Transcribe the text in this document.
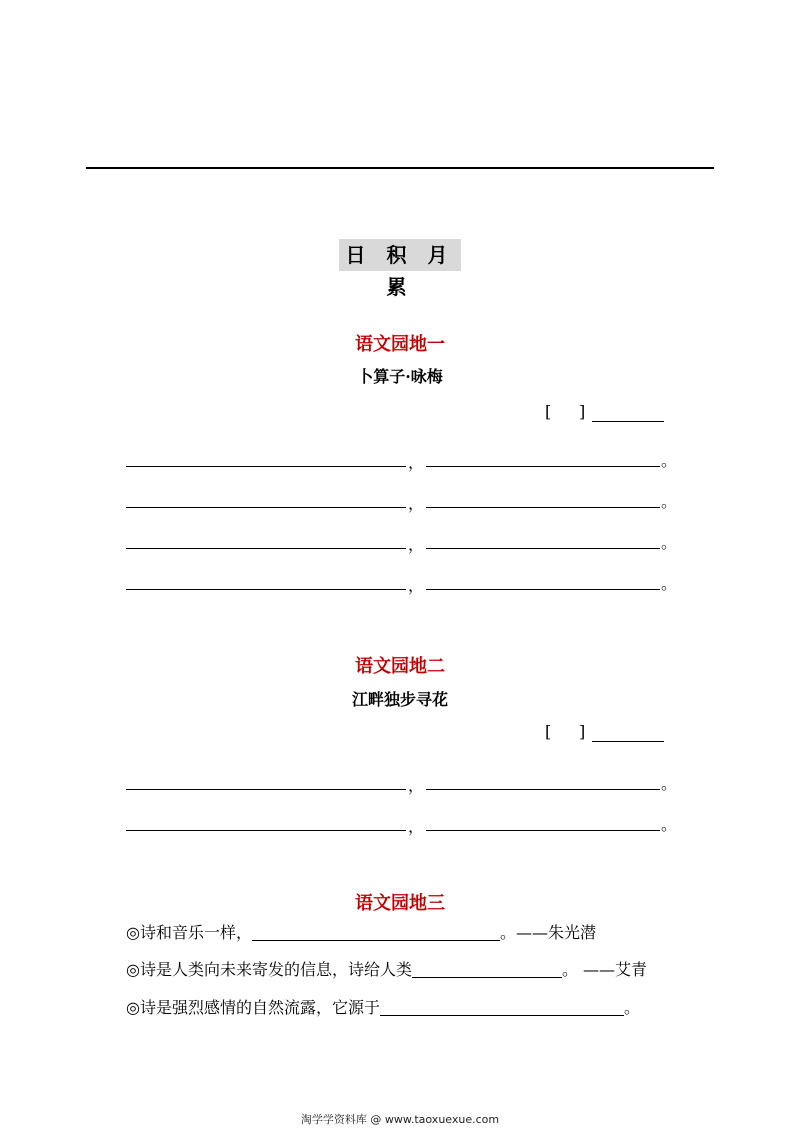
日 积 月 累
语文园地一
卜算子·咏梅
[ ]
，	。
，	。
，	。
，	。
语文园地二
江畔独步寻花
[ ]
，	。
，	。
语文园地三
◎诗和音乐一样，	。——朱光潜
◎诗是人类向未来寄发的信息，诗给人类	。 ——艾青
◎诗是强烈感情的自然流露，它源于	。
淘学学资料库 @ www.taoxuexue.com
